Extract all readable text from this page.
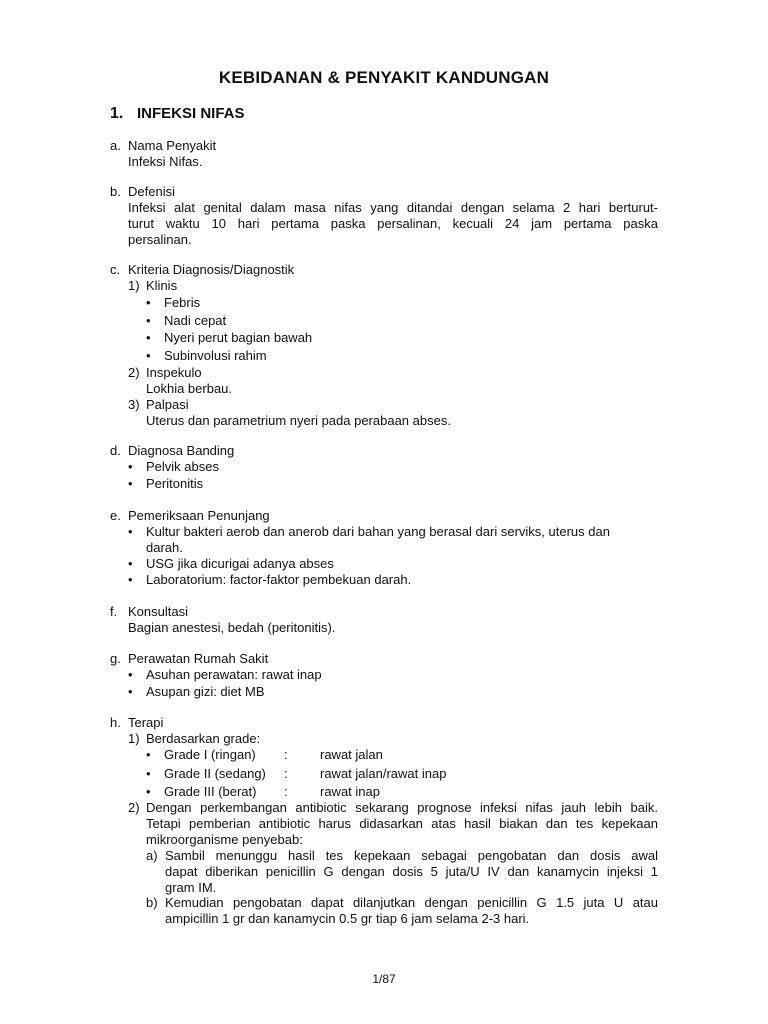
KEBIDANAN & PENYAKIT KANDUNGAN
1. INFEKSI NIFAS
a. Nama Penyakit
Infeksi Nifas.
b. Defenisi
Infeksi alat genital dalam masa nifas yang ditandai dengan selama 2 hari berturut-
turut waktu 10 hari pertama paska persalinan, kecuali 24 jam pertama paska
persalinan.
c. Kriteria Diagnosis/Diagnostik
1) Klinis
• Febris
• Nadi cepat
• Nyeri perut bagian bawah
• Subinvolusi rahim
2) Inspekulo
Lokhia berbau.
3) Palpasi
Uterus dan parametrium nyeri pada perabaan abses.
d. Diagnosa Banding
• Pelvik abses
• Peritonitis
e. Pemeriksaan Penunjang
• Kultur bakteri aerob dan anerob dari bahan yang berasal dari serviks, uterus dan
darah.
• USG jika dicurigai adanya abses
• Laboratorium: factor-faktor pembekuan darah.
f. Konsultasi
Bagian anestesi, bedah (peritonitis).
g. Perawatan Rumah Sakit
• Asuhan perawatan: rawat inap
• Asupan gizi: diet MB
h. Terapi
1) Berdasarkan grade:
• Grade I (ringan) : rawat jalan
• Grade II (sedang) : rawat jalan/rawat inap
• Grade III (berat) : rawat inap
2) Dengan perkembangan antibiotic sekarang prognose infeksi nifas jauh lebih baik.
Tetapi pemberian antibiotic harus didasarkan atas hasil biakan dan tes kepekaan
mikroorganisme penyebab:
a) Sambil menunggu hasil tes kepekaan sebagai pengobatan dan dosis awal
dapat diberikan penicillin G dengan dosis 5 juta/U IV dan kanamycin injeksi 1
gram IM.
b) Kemudian pengobatan dapat dilanjutkan dengan penicillin G 1.5 juta U atau
ampicillin 1 gr dan kanamycin 0.5 gr tiap 6 jam selama 2-3 hari.
1/87
